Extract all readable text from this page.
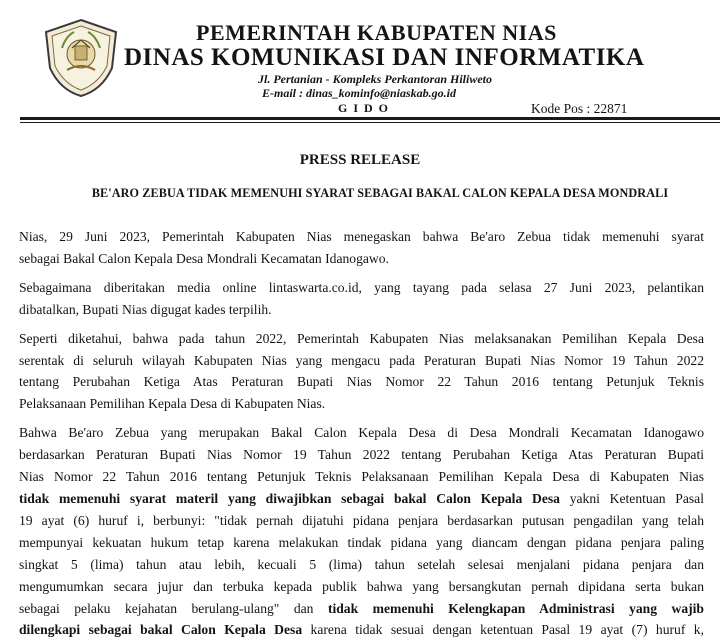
PEMERINTAH KABUPATEN NIAS
DINAS KOMUNIKASI DAN INFORMATIKA
Jl. Pertanian - Kompleks Perkantoran Hiliweto
E-mail : dinas_kominfo@niaskab.go.id
GIDO	Kode Pos : 22871
PRESS RELEASE
BE'ARO ZEBUA TIDAK MEMENUHI SYARAT SEBAGAI BAKAL CALON KEPALA DESA MONDRALI
Nias, 29 Juni 2023, Pemerintah Kabupaten Nias menegaskan bahwa Be'aro Zebua tidak memenuhi syarat
sebagai Bakal Calon Kepala Desa Mondrali Kecamatan Idanogawo.
Sebagaimana diberitakan media online lintaswarta.co.id, yang tayang pada selasa 27 Juni 2023, pelantikan
dibatalkan, Bupati Nias digugat kades terpilih.
Seperti diketahui, bahwa pada tahun 2022, Pemerintah Kabupaten Nias melaksanakan Pemilihan Kepala Desa
serentak di seluruh wilayah Kabupaten Nias yang mengacu pada Peraturan Bupati Nias Nomor 19 Tahun 2022
tentang Perubahan Ketiga Atas Peraturan Bupati Nias Nomor 22 Tahun 2016 tentang Petunjuk Teknis
Pelaksanaan Pemilihan Kepala Desa di Kabupaten Nias.
Bahwa Be'aro Zebua yang merupakan Bakal Calon Kepala Desa di Desa Mondrali Kecamatan Idanogawo
berdasarkan Peraturan Bupati Nias Nomor 19 Tahun 2022 tentang Perubahan Ketiga Atas Peraturan Bupati
Nias Nomor 22 Tahun 2016 tentang Petunjuk Teknis Pelaksanaan Pemilihan Kepala Desa di Kabupaten Nias
tidak memenuhi syarat materil yang diwajibkan sebagai bakal Calon Kepala Desa yakni Ketentuan Pasal
19 ayat (6) huruf i, berbunyi: "tidak pernah dijatuhi pidana penjara berdasarkan putusan pengadilan yang telah
mempunyai kekuatan hukum tetap karena melakukan tindak pidana yang diancam dengan pidana penjara paling
singkat 5 (lima) tahun atau lebih, kecuali 5 (lima) tahun setelah selesai menjalani pidana penjara dan
mengumumkan secara jujur dan terbuka kepada publik bahwa yang bersangkutan pernah dipidana serta bukan
sebagai pelaku kejahatan berulang-ulang" dan tidak memenuhi Kelengkapan Administrasi yang wajib
dilengkapi sebagai bakal Calon Kepala Desa karena tidak sesuai dengan ketentuan Pasal 19 ayat (7) huruf k,
